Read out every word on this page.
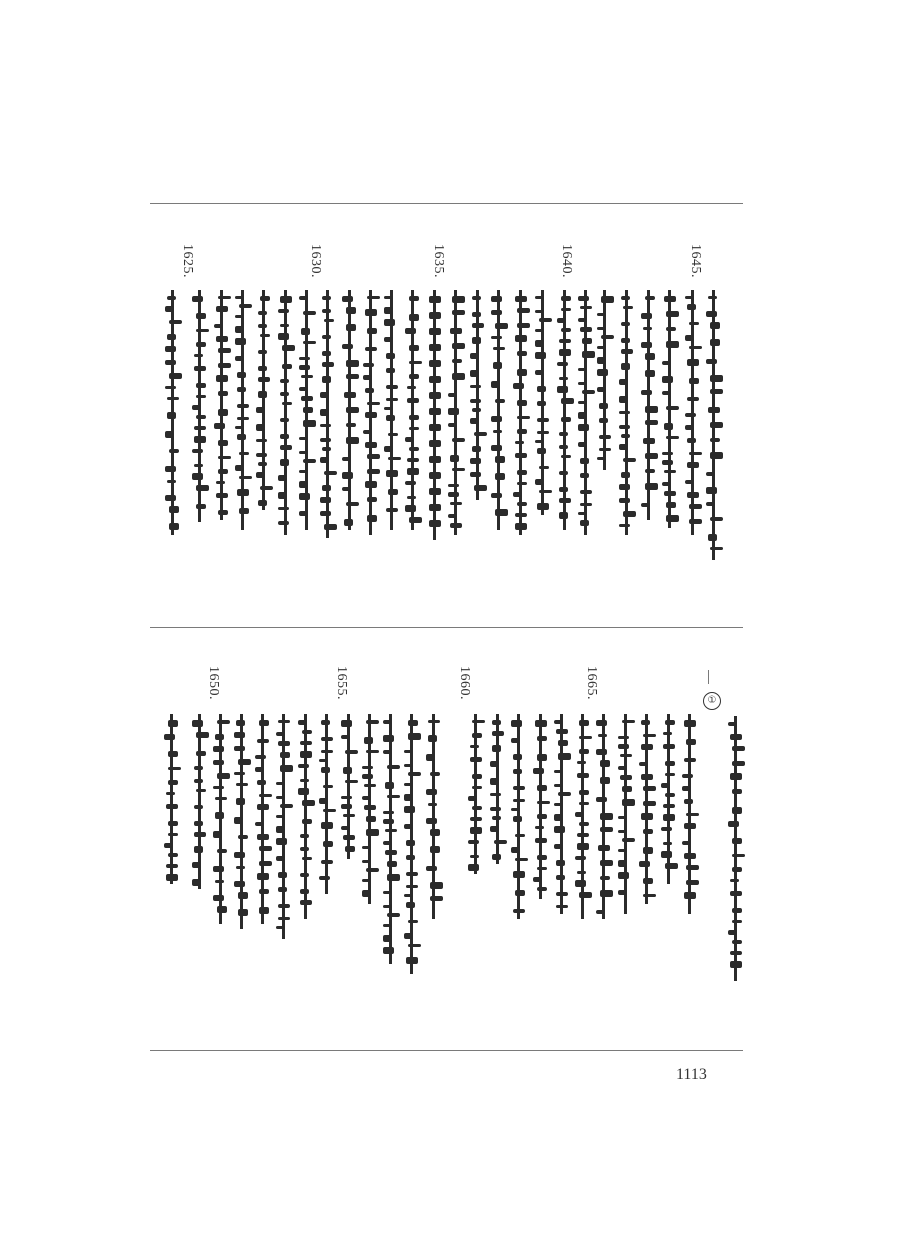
1645.
1640.
1635.
1630.
1625.
1665.
1660.
1655.
1650.
①
1113
